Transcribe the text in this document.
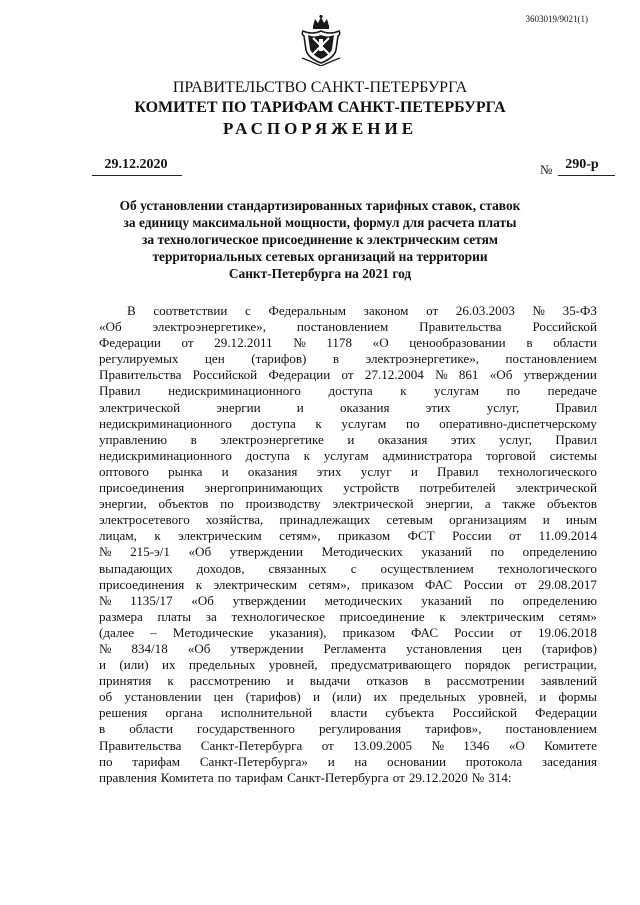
3603019/9021(1)
ПРАВИТЕЛЬСТВО САНКТ-ПЕТЕРБУРГА
КОМИТЕТ ПО ТАРИФАМ САНКТ-ПЕТЕРБУРГА
РАСПОРЯЖЕНИЕ
29.12.2020	№ 290-р
Об установлении стандартизированных тарифных ставок, ставок
за единицу максимальной мощности, формул для расчета платы
за технологическое присоединение к электрическим сетям
территориальных сетевых организаций на территории
Санкт-Петербурга на 2021 год
В соответствии с Федеральным законом от 26.03.2003 № 35-ФЗ
«Об электроэнергетике», постановлением Правительства Российской
Федерации от 29.12.2011 № 1178 «О ценообразовании в области
регулируемых цен (тарифов) в электроэнергетике», постановлением
Правительства Российской Федерации от 27.12.2004 № 861 «Об утверждении
Правил недискриминационного доступа к услугам по передаче
электрической	энергии	и	оказания	этих	услуг,	Правил
недискриминационного доступа к услугам по оперативно-диспетчерскому
управлению в электроэнергетике и оказания этих услуг, Правил
недискриминационного доступа к услугам администратора торговой системы
оптового рынка и оказания этих услуг и Правил технологического
присоединения энергопринимающих устройств потребителей электрической
энергии, объектов по производству электрической энергии, а также объектов
электросетевого хозяйства, принадлежащих сетевым организациям и иным
лицам, к электрическим сетям», приказом ФСТ России от 11.09.2014
№ 215-э/1 «Об утверждении Методических указаний по определению
выпадающих доходов, связанных с осуществлением технологического
присоединения к электрическим сетям», приказом ФАС России от 29.08.2017
№ 1135/17 «Об утверждении методических указаний по определению
размера платы за технологическое присоединение к электрическим сетям»
(далее – Методические указания), приказом ФАС России от 19.06.2018
№ 834/18 «Об утверждении Регламента установления цен (тарифов)
и (или) их предельных уровней, предусматривающего порядок регистрации,
принятия к рассмотрению и выдачи отказов в рассмотрении заявлений
об установлении цен (тарифов) и (или) их предельных уровней, и формы
решения органа исполнительной власти субъекта Российской Федерации
в области государственного регулирования тарифов», постановлением
Правительства Санкт-Петербурга от 13.09.2005 № 1346 «О Комитете
по тарифам Санкт-Петербурга» и на основании протокола заседания
правления Комитета по тарифам Санкт-Петербурга от 29.12.2020 № 314:
